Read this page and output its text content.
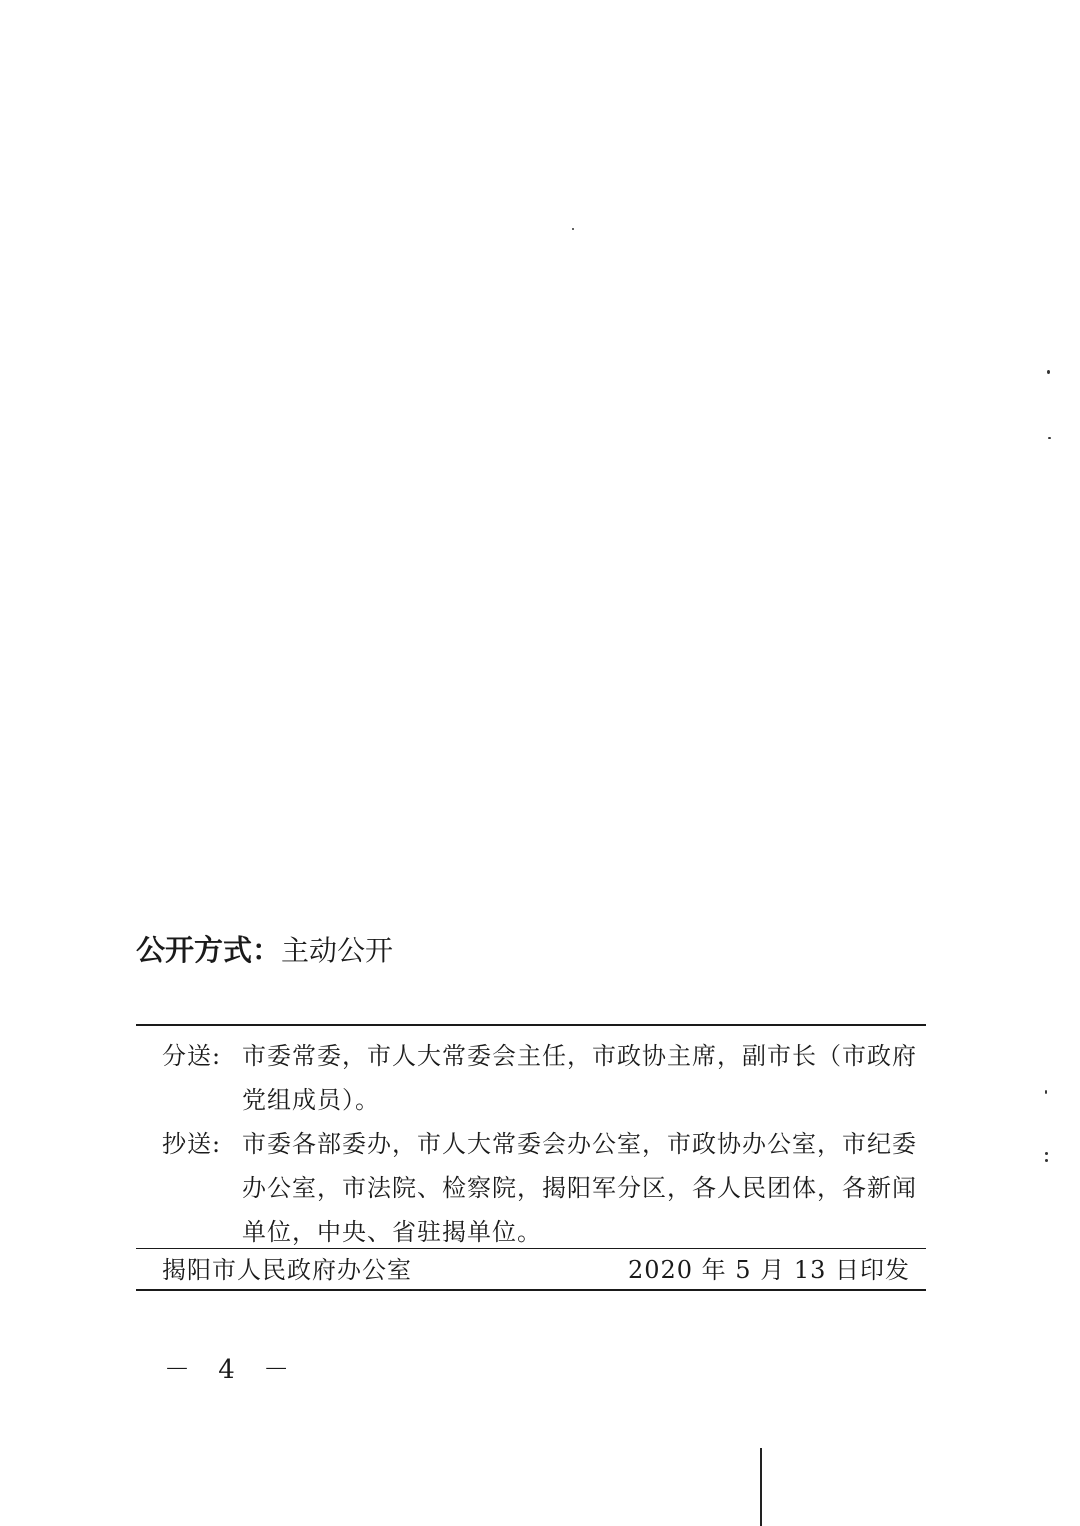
公开方式：主动公开
分送: 市委常委，市人大常委会主任，市政协主席，副市长（市政府党组成员）。
抄送: 市委各部委办，市人大常委会办公室，市政协办公室，市纪委办公室，市法院、检察院，揭阳军分区，各人民团体，各新闻单位，中央、省驻揭单位。
揭阳市人民政府办公室	2020 年 5 月 13 日印发
－ 4 －
